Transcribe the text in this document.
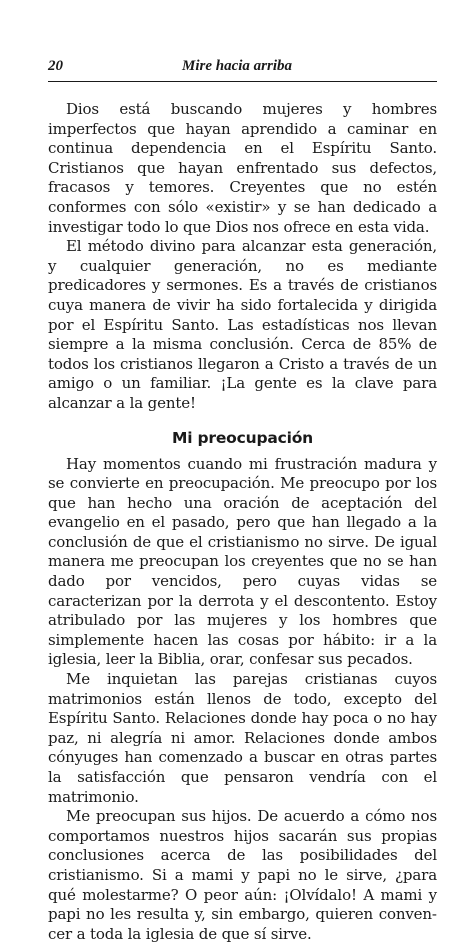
20	Mire hacia arriba

Dios está buscando mujeres y hombres imperfectos que hayan aprendido a caminar en continua dependencia en el Espíritu Santo. Cristianos que hayan enfrentado sus defectos, fracasos y temores. Creyentes que no estén conformes con sólo «existir» y se han dedicado a investigar todo lo que Dios nos ofrece en esta vida.

El método divino para alcanzar esta generación, y cualquier generación, no es mediante predicadores y sermones. Es a través de cristianos cuya manera de vivir ha sido fortalecida y dirigida por el Espíritu Santo. Las estadísticas nos llevan siempre a la misma conclusión. Cerca de 85% de todos los cristianos llegaron a Cristo a través de un amigo o un familiar. ¡La gente es la clave para alcanzar a la gente!

Mi preocupación

Hay momentos cuando mi frustración madura y se convierte en preocupación. Me preocupo por los que han hecho una oración de aceptación del evangelio en el pasado, pero que han llegado a la conclusión de que el cristianismo no sirve. De igual manera me preocupan los creyentes que no se han dado por vencidos, pero cuyas vidas se caracterizan por la derrota y el descontento. Estoy atribulado por las mujeres y los hombres que simplemente hacen las cosas por hábito: ir a la iglesia, leer la Biblia, orar, confesar sus pecados.

Me inquietan las parejas cristianas cuyos matrimonios están llenos de todo, excepto del Espíritu Santo. Relaciones donde hay poca o no hay paz, ni alegría ni amor. Relaciones donde ambos cónyuges han comenzado a buscar en otras partes la satisfacción que pensaron vendría con el matrimonio.

Me preocupan sus hijos. De acuerdo a cómo nos comportamos nuestros hijos sacarán sus propias conclusiones acerca de las posibilidades del cristianismo. Si a mami y papi no le sirve, ¿para qué molestarme? O peor aún: ¡Olvídalo! A mami y papi no les resulta y, sin embargo, quieren convencer a toda la iglesia de que sí sirve.
